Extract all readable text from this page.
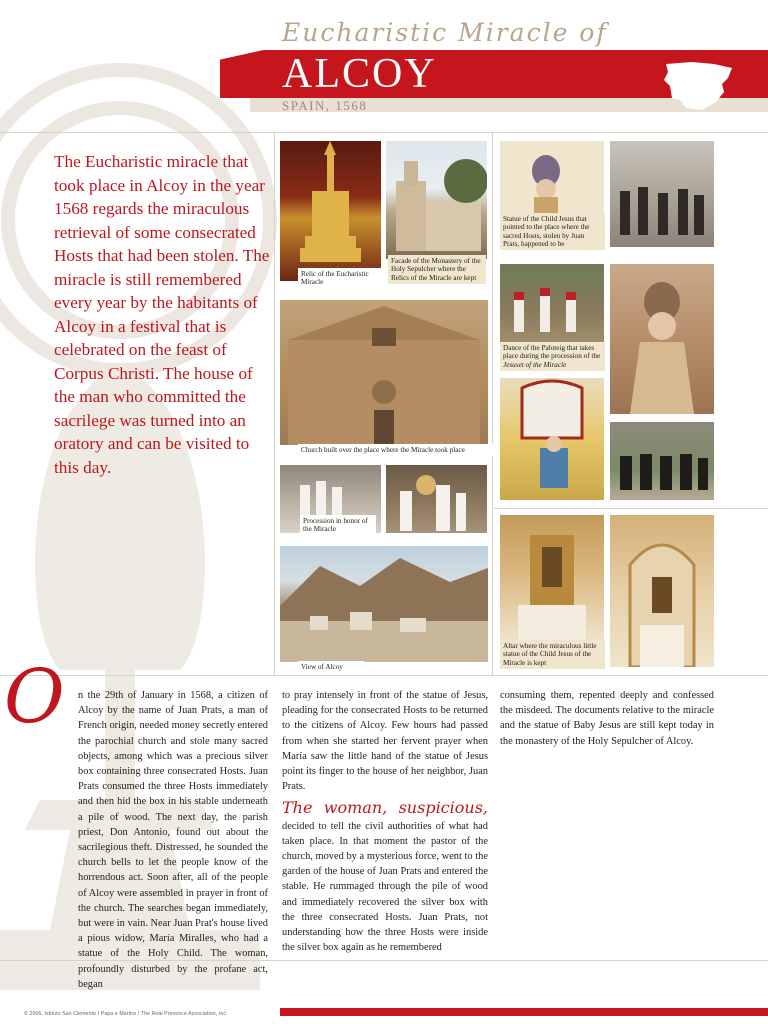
Eucharistic Miracle of
ALCOY
SPAIN, 1568
The Eucharistic miracle that took place in Alcoy in the year 1568 regards the miraculous retrieval of some consecrated Hosts that had been stolen. The miracle is still remembered every year by the habitants of Alcoy in a festival that is celebrated on the feast of Corpus Christi. The house of the man who committed the sacrilege was turned into an oratory and can be visited to this day.
Relic of the Eucharistic Miracle
Facade of the Monastery of the Holy Sepulcher where the Relics of the Miracle are kept
Church built over the place where the Miracle took place
Procession in honor of the Miracle
View of Alcoy
Statue of the Child Jesus that pointed to the place where the sacred Hosts, stolen by Juan Prats, happened to be
Dance of the Paloteig that takes place during the procession of the Jesuset of the Miracle
Altar where the miraculous little statue of the Child Jesus of the Miracle is kept
O n the 29th of January in 1568, a citizen of Alcoy by the name of Juan Prats, a man of French origin, needed money secretly entered the parochial church and stole many sacred objects, among which was a precious silver box containing three consecrated Hosts. Juan Prats consumed the three Hosts immediately and then hid the box in his stable underneath a pile of wood. The next day, the parish priest, Don Antonio, found out about the sacrilegious theft. Distressed, he sounded the church bells to let the people know of the horrendous act. Soon after, all of the people of Alcoy were assembled in prayer in front of the church. The searches began immediately, but were in vain. Near Juan Prat's house lived a pious widow, María Miralles, who had a statue of the Holy Child. The woman, profoundly disturbed by the profane act, began

to pray intensely in front of the statue of Jesus, pleading for the consecrated Hosts to be returned to the citizens of Alcoy. Few hours had passed from when she started her fervent prayer when María saw the little hand of the statue of Jesus point its finger to the house of her neighbor, Juan Prats.

The woman, suspicious, decided to tell the civil authorities of what had taken place. In that moment the pastor of the church, moved by a mysterious force, went to the garden of the house of Juan Prats and entered the stable. He rummaged through the pile of wood and immediately recovered the silver box with the three consecrated Hosts. Juan Prats, not understanding how the three Hosts were inside the silver box again as he remembered

consuming them, repented deeply and confessed the misdeed. The documents relative to the miracle and the statue of Baby Jesus are still kept today in the monastery of the Holy Sepulcher of Alcoy.

© 2006, Istituto San Clemente I Papa e Martire / The Real Presence Association, Inc.
